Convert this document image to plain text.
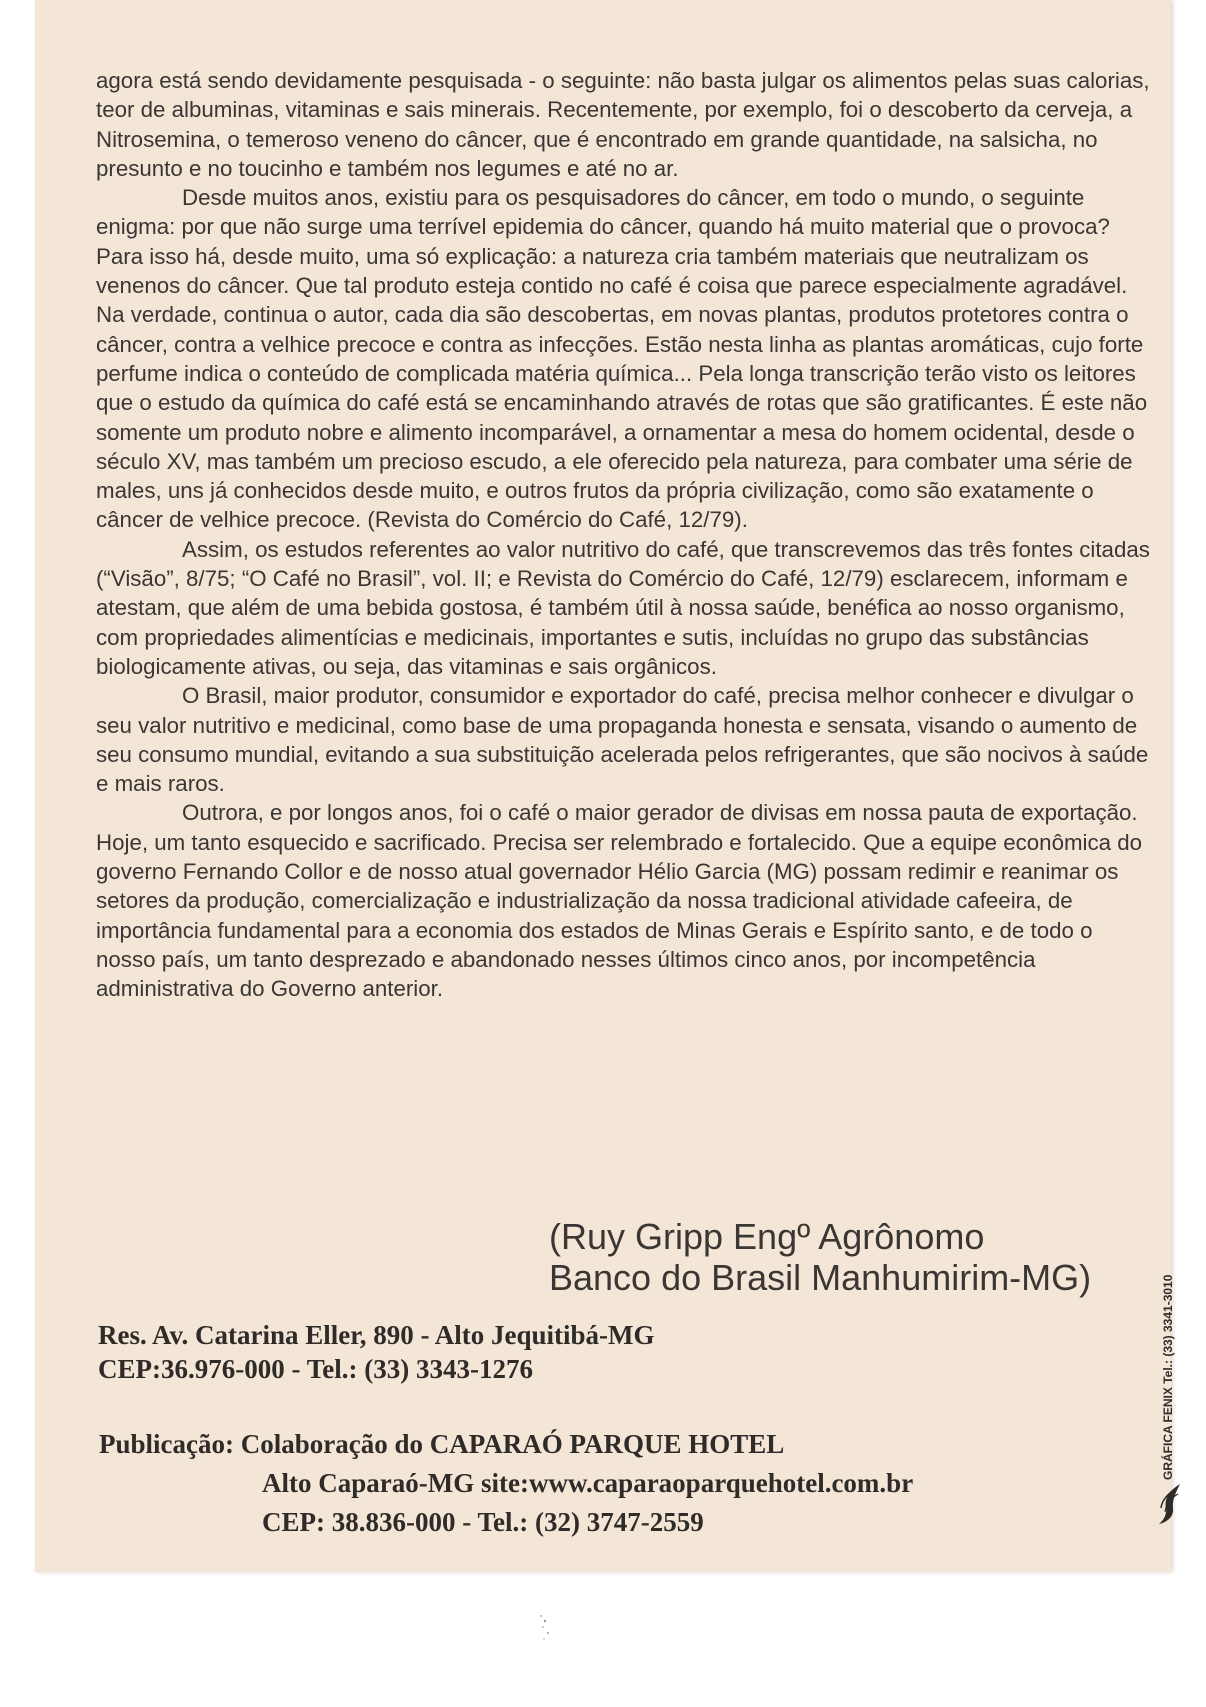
agora está sendo devidamente pesquisada - o seguinte: não basta julgar os alimentos pelas suas calorias, teor de albuminas, vitaminas e sais minerais. Recentemente, por exemplo, foi o descoberto da cerveja, a Nitrosemina, o temeroso veneno do câncer, que é encontrado em grande quantidade, na salsicha, no presunto e no toucinho e também nos legumes e até no ar.

Desde muitos anos, existiu para os pesquisadores do câncer, em todo o mundo, o seguinte enigma: por que não surge uma terrível epidemia do câncer, quando há muito material que o provoca? Para isso há, desde muito, uma só explicação: a natureza cria também materiais que neutralizam os venenos do câncer. Que tal produto esteja contido no café é coisa que parece especialmente agradável. Na verdade, continua o autor, cada dia são descobertas, em novas plantas, produtos protetores contra o câncer, contra a velhice precoce e contra as infecções. Estão nesta linha as plantas aromáticas, cujo forte perfume indica o conteúdo de complicada matéria química... Pela longa transcrição terão visto os leitores que o estudo da química do café está se encaminhando através de rotas que são gratificantes. É este não somente um produto nobre e alimento incomparável, a ornamentar a mesa do homem ocidental, desde o século XV, mas também um precioso escudo, a ele oferecido pela natureza, para combater uma série de males, uns já conhecidos desde muito, e outros frutos da própria civilização, como são exatamente o câncer de velhice precoce. (Revista do Comércio do Café, 12/79).

Assim, os estudos referentes ao valor nutritivo do café, que transcrevemos das três fontes citadas (“Visão”, 8/75; “O Café no Brasil”, vol. II; e Revista do Comércio do Café, 12/79) esclarecem, informam e atestam, que além de uma bebida gostosa, é também útil à nossa saúde, benéfica ao nosso organismo, com propriedades alimentícias e medicinais, importantes e sutis, incluídas no grupo das substâncias biologicamente ativas, ou seja, das vitaminas e sais orgânicos.

O Brasil, maior produtor, consumidor e exportador do café, precisa melhor conhecer e divulgar o seu valor nutritivo e medicinal, como base de uma propaganda honesta e sensata, visando o aumento de seu consumo mundial, evitando a sua substituição acelerada pelos refrigerantes, que são nocivos à saúde e mais raros.

Outrora, e por longos anos, foi o café o maior gerador de divisas em nossa pauta de exportação. Hoje, um tanto esquecido e sacrificado. Precisa ser relembrado e fortalecido. Que a equipe econômica do governo Fernando Collor e de nosso atual governador Hélio Garcia (MG) possam redimir e reanimar os setores da produção, comercialização e industrialização da nossa tradicional atividade cafeeira, de importância fundamental para a economia dos estados de Minas Gerais e Espírito santo, e de todo o nosso país, um tanto desprezado e abandonado nesses últimos cinco anos, por incompetência administrativa do Governo anterior.

(Ruy Gripp Engº Agrônomo
Banco do Brasil Manhumirim-MG)
Res. Av. Catarina Eller, 890 - Alto Jequitibá-MG
CEP:36.976-000 - Tel.: (33) 3343-1276
Publicação: Colaboração do CAPARAÓ PARQUE HOTEL
Alto Caparaó-MG site:www.caparaoparquehotel.com.br
CEP: 38.836-000 - Tel.: (32) 3747-2559
GRÁFICA FENIX Tel.: (33) 3341-3010
